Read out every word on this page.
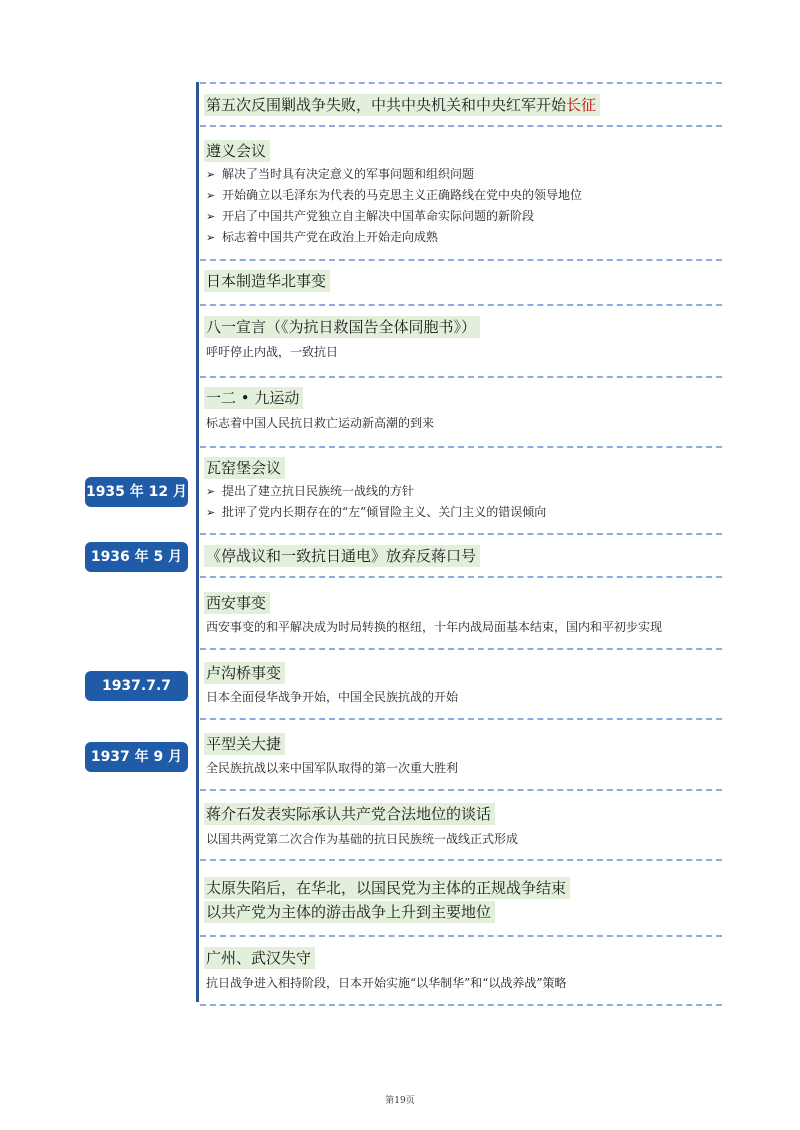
第五次反围剿战争失败，中共中央机关和中央红军开始长征
遵义会议
➢ 解决了当时具有决定意义的军事问题和组织问题
➢ 开始确立以毛泽东为代表的马克思主义正确路线在党中央的领导地位
➢ 开启了中国共产党独立自主解决中国革命实际问题的新阶段
➢ 标志着中国共产党在政治上开始走向成熟
日本制造华北事变
八一宣言（《为抗日救国告全体同胞书》）
呼吁停止内战，一致抗日
一二 • 九运动
标志着中国人民抗日救亡运动新高潮的到来
瓦窑堡会议
➢ 提出了建立抗日民族统一战线的方针
➢ 批评了党内长期存在的“左”倾冒险主义、关门主义的错误倾向
《停战议和一致抗日通电》放弃反蒋口号
西安事变
西安事变的和平解决成为时局转换的枢纽，十年内战局面基本结束，国内和平初步实现
卢沟桥事变
日本全面侵华战争开始，中国全民族抗战的开始
平型关大捷
全民族抗战以来中国军队取得的第一次重大胜利
蒋介石发表实际承认共产党合法地位的谈话
以国共两党第二次合作为基础的抗日民族统一战线正式形成
太原失陷后，在华北，以国民党为主体的正规战争结束
以共产党为主体的游击战争上升到主要地位
广州、武汉失守
抗日战争进入相持阶段，日本开始实施“以华制华”和“以战养战”策略
1935 年 12 月
1936 年 5 月
1937.7.7
1937 年 9 月
第19页
